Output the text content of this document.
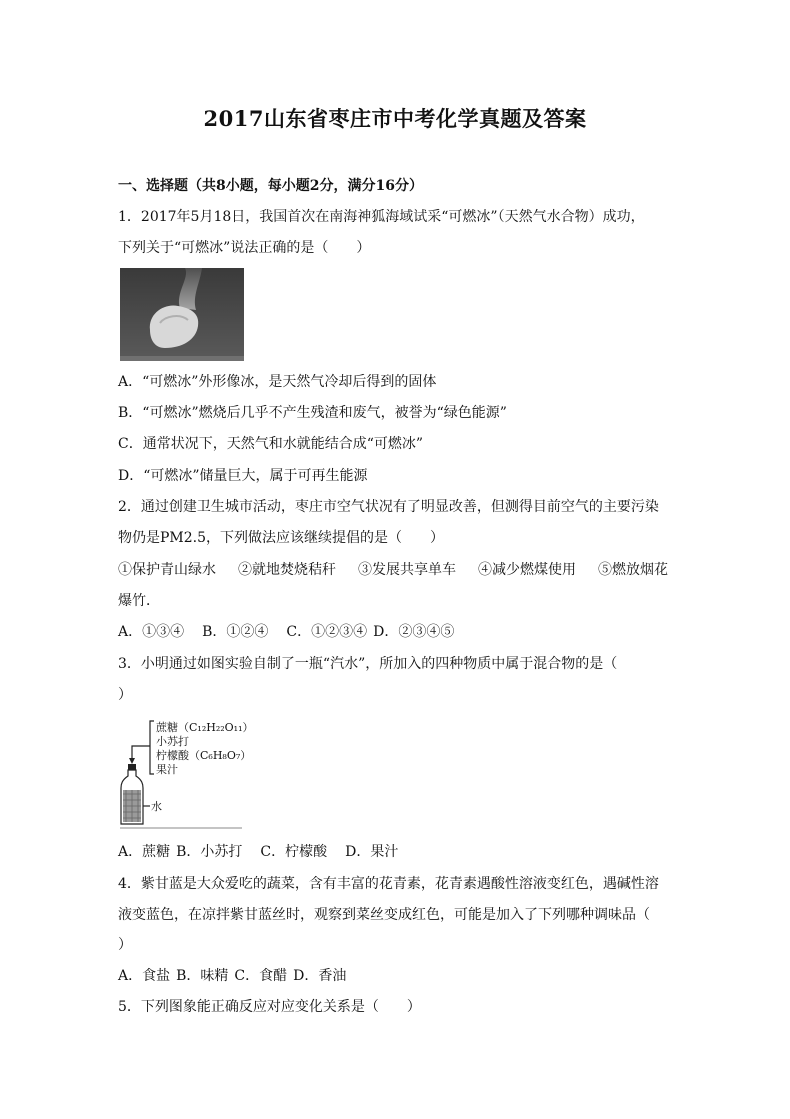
2017山东省枣庄市中考化学真题及答案
一、选择题（共8小题，每小题2分，满分16分）
1．2017年5月18日，我国首次在南海神狐海域试采“可燃冰”（天然气水合物）成功，
下列关于“可燃冰”说法正确的是（　　）
A．“可燃冰”外形像冰，是天然气冷却后得到的固体
B．“可燃冰”燃烧后几乎不产生残渣和废气，被誉为“绿色能源”
C．通常状况下，天然气和水就能结合成“可燃冰”
D．“可燃冰”储量巨大，属于可再生能源
2．通过创建卫生城市活动，枣庄市空气状况有了明显改善，但测得目前空气的主要污染
物仍是PM2.5，下列做法应该继续提倡的是（　　）
①保护青山绿水 ②就地焚烧秸秆 ③发展共享单车 ④减少燃煤使用 ⑤燃放烟花
爆竹．
A．①③④ B．①②④ C．①②③④ D．②③④⑤
3．小明通过如图实验自制了一瓶“汽水”，所加入的四种物质中属于混合物的是（
）
蔗糖（C₁₂H₂₂O₁₁）
小苏打
柠檬酸（C₆H₈O₇）
果汁
水
A．蔗糖 B．小苏打 C．柠檬酸 D．果汁
4．紫甘蓝是大众爱吃的蔬菜，含有丰富的花青素，花青素遇酸性溶液变红色，遇碱性溶
液变蓝色，在凉拌紫甘蓝丝时，观察到菜丝变成红色，可能是加入了下列哪种调味品（
）
A．食盐 B．味精 C．食醋 D．香油
5．下列图象能正确反应对应变化关系是（　　）
